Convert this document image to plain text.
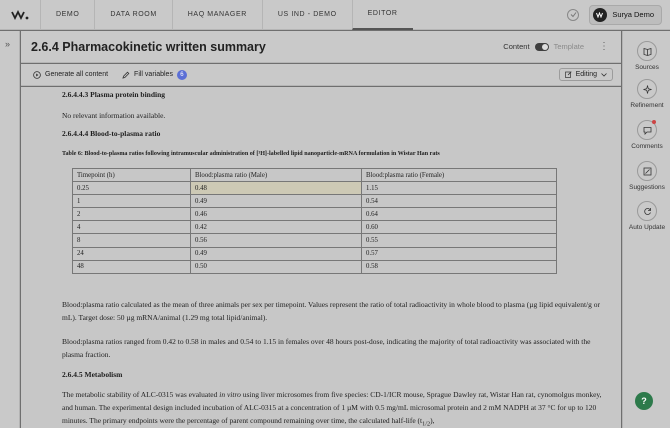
DEMO	DATA ROOM	HAQ MANAGER	US IND - DEMO	EDITOR	Surya Demo
» 2.6.4 Pharmacokinetic written summary	Content	Template ⋮
Generate all content	Fill variables	6	Editing
2.6.4.4.3 Plasma protein binding
No relevant information available.
2.6.4.4.4 Blood-to-plasma ratio
Table 6: Blood-to-plasma ratios following intramuscular administration of [³H]-labelled lipid nanoparticle-mRNA formulation in Wistar Han rats
Timepoint (h)	Blood:plasma ratio (Male)	Blood:plasma ratio (Female)
0.25	0.48	1.15
1	0.49	0.54
2	0.46	0.64
4	0.42	0.60
8	0.56	0.55
24	0.49	0.57
48	0.50	0.58
Blood:plasma ratio calculated as the mean of three animals per sex per timepoint. Values represent the ratio of total radioactivity in whole blood to plasma (µg lipid equivalent/g or mL). Target dose: 50 µg mRNA/animal (1.29 mg total lipid/animal).
Blood:plasma ratios ranged from 0.42 to 0.58 in males and 0.54 to 1.15 in females over 48 hours post-dose, indicating the majority of total radioactivity was associated with the plasma fraction.
2.6.4.5 Metabolism
The metabolic stability of ALC-0315 was evaluated in vitro using liver microsomes from five species: CD-1/ICR mouse, Sprague Dawley rat, Wistar Han rat, cynomolgus monkey, and human. The experimental design included incubation of ALC-0315 at a concentration of 1 µM with 0.5 mg/mL microsomal protein and 2 mM NADPH at 37 °C for up to 120 minutes. The primary endpoints were the percentage of parent compound remaining over time, the calculated half-life $(t_{1/2})$,
Sources
Refinement
Comments
Suggestions
Auto Update
?
